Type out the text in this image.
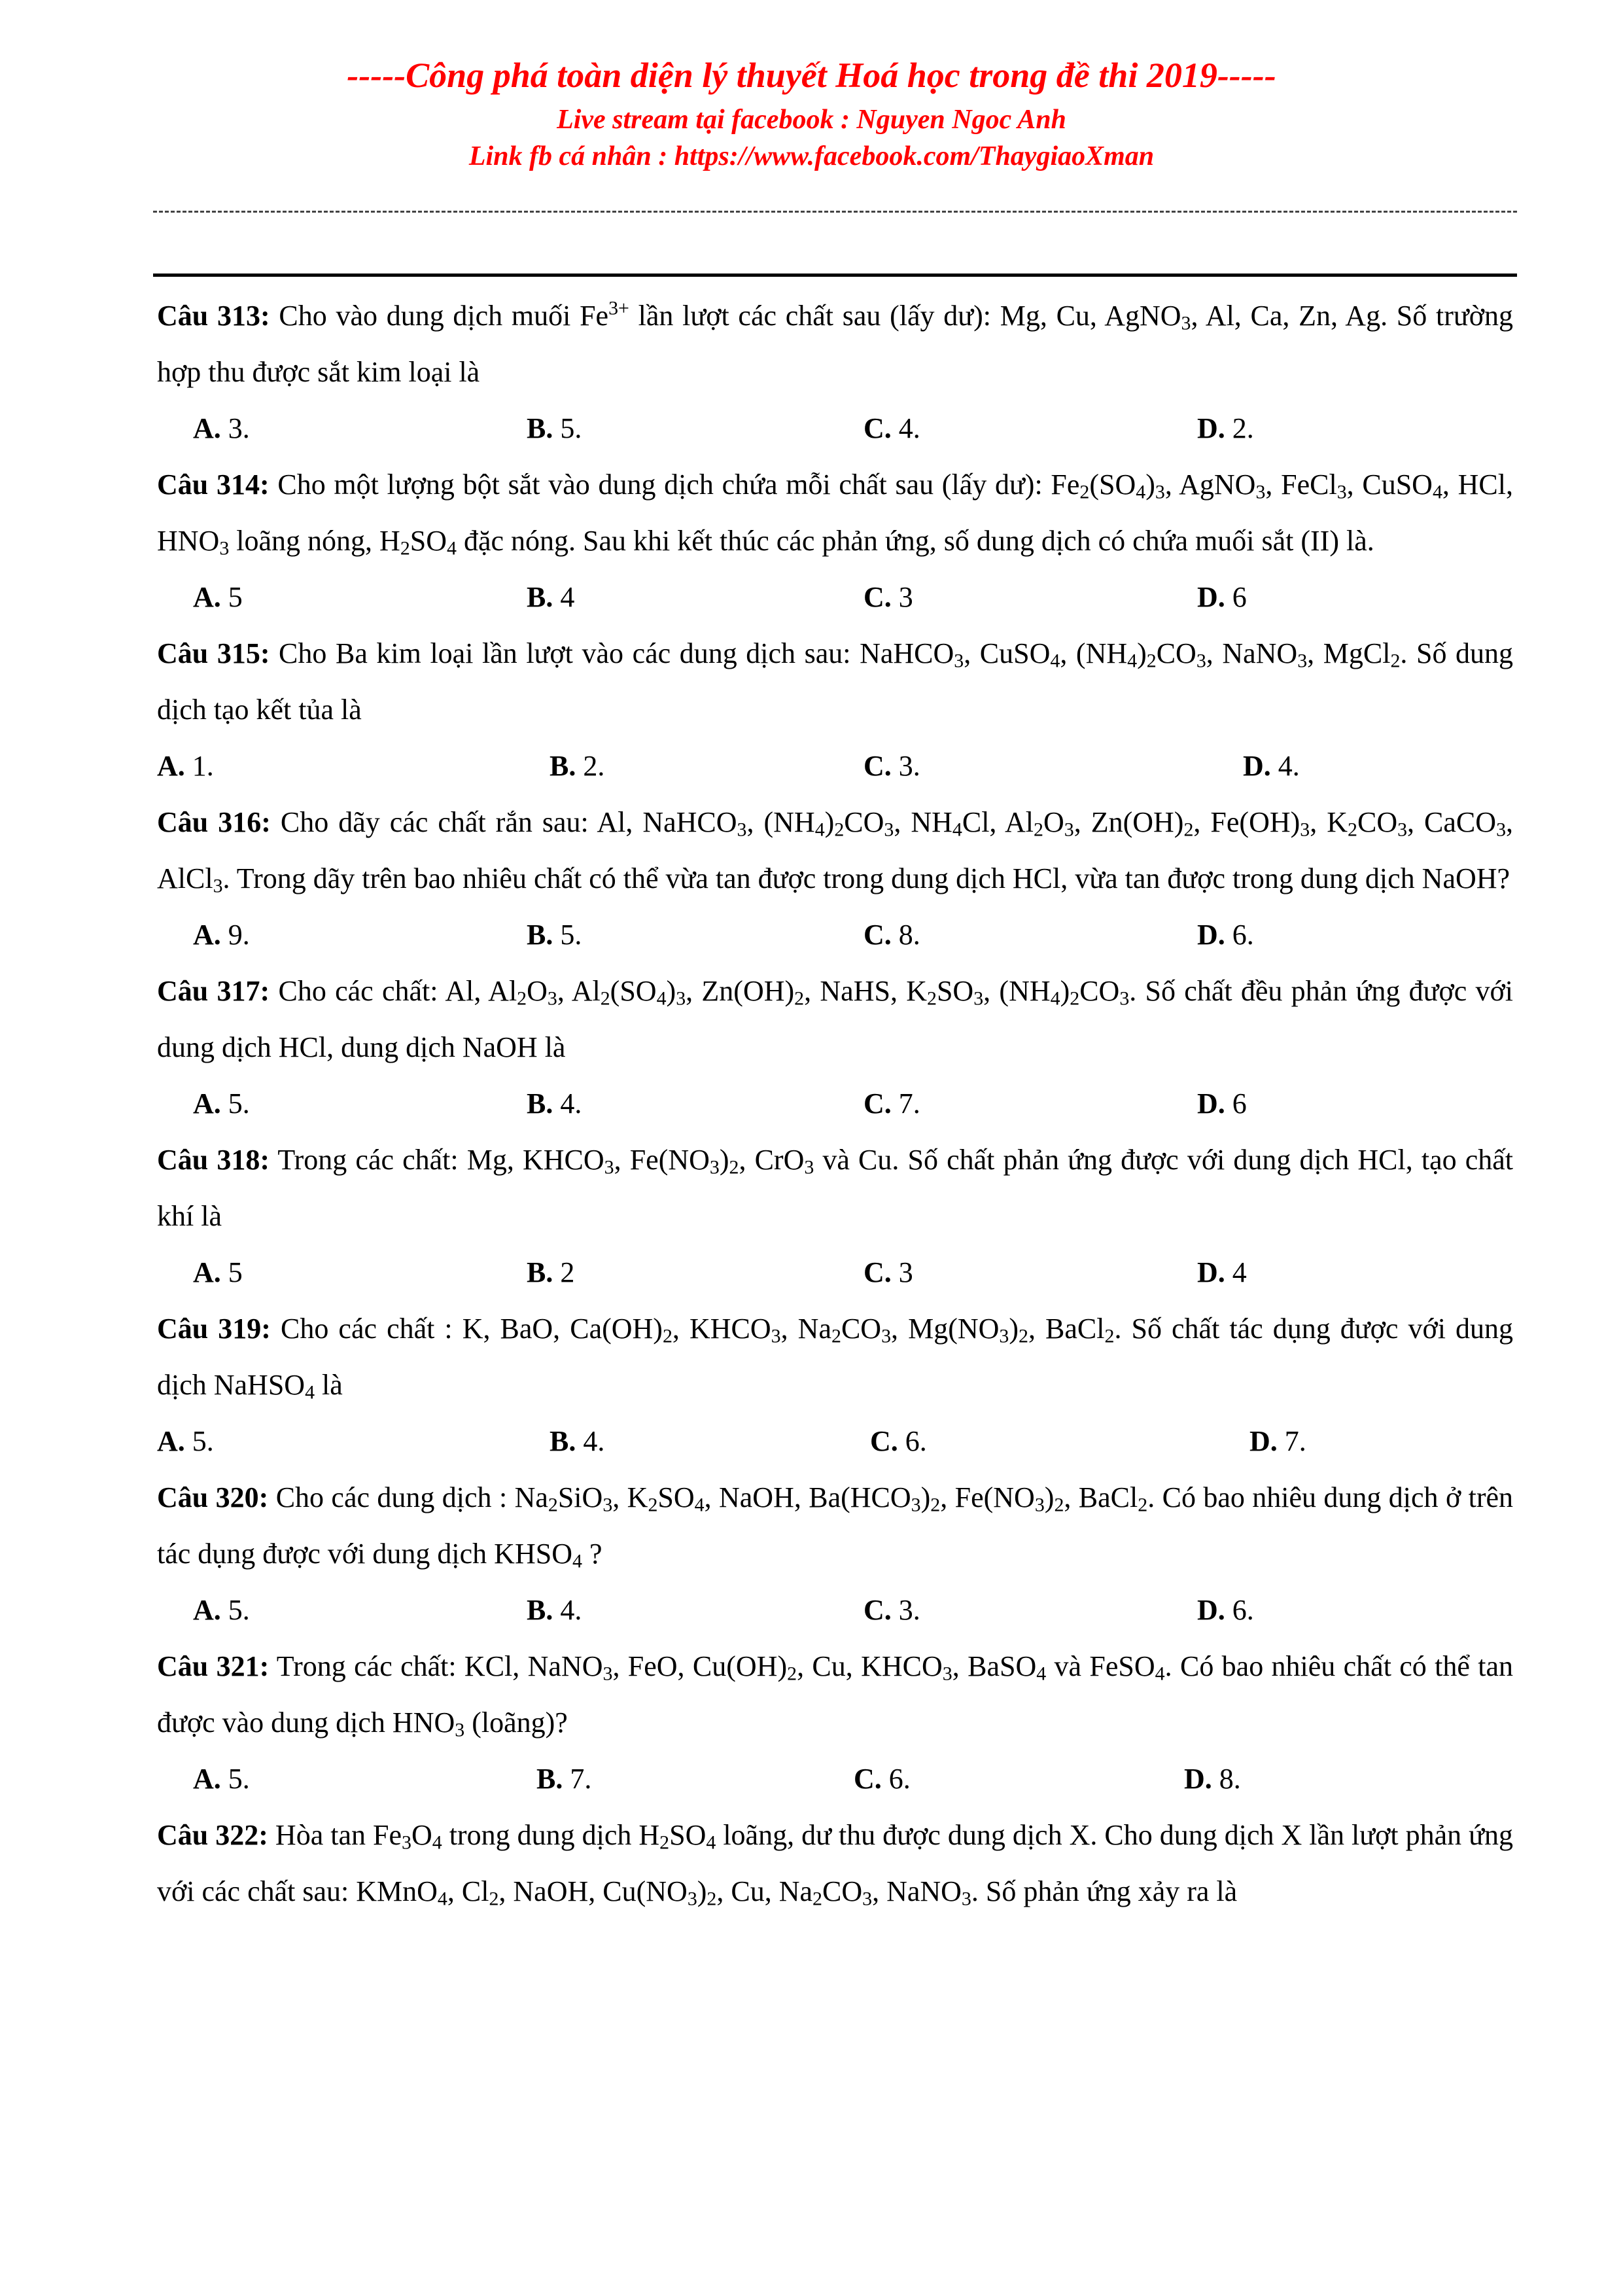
-----Công phá toàn diện lý thuyết Hoá học trong đề thi 2019-----
Live stream tại facebook : Nguyen Ngoc Anh
Link fb cá nhân : https://www.facebook.com/ThaygiaoXman

Câu 313: Cho vào dung dịch muối $Fe^{3+}$ lần lượt các chất sau (lấy dư): Mg, Cu, AgNO$_3$, Al, Ca, Zn, Ag. Số trường hợp thu được sắt kim loại là

A. 3.	B. 5.	C. 4.	D. 2.

Câu 314: Cho một lượng bột sắt vào dung dịch chứa mỗi chất sau (lấy dư): $Fe_2(SO_4)_3$, AgNO$_3$, FeCl$_3$, CuSO$_4$, HCl, $HNO_3$ loãng nóng, $H_2SO_4$ đặc nóng. Sau khi kết thúc các phản ứng, số dung dịch có chứa muối sắt (II) là.

A. 5	B. 4	C. 3	D. 6

Câu 315: Cho Ba kim loại lần lượt vào các dung dịch sau: NaHCO$_3$, CuSO$_4$, $(NH_4)_2CO_3$, NaNO$_3$, MgCl$_2$. Số dung dịch tạo kết tủa là

A. 1.	B. 2.	C. 3.	D. 4.

Câu 316: Cho dãy các chất rắn sau: Al, NaHCO$_3$, $(NH_4)_2CO_3$, $NH_4Cl$, $Al_2O_3$, $Zn(OH)_2$, $Fe(OH)_3$, $K_2CO_3$, CaCO$_3$, AlCl$_3$. Trong dãy trên bao nhiêu chất có thể vừa tan được trong dung dịch HCl, vừa tan được trong dung dịch NaOH?

A. 9.	B. 5.	C. 8.	D. 6.

Câu 317: Cho các chất: Al, $Al_2O_3$, $Al_2(SO_4)_3$, $Zn(OH)_2$, NaHS, $K_2SO_3$, $(NH_4)_2CO_3$. Số chất đều phản ứng được với dung dịch HCl, dung dịch NaOH là

A. 5.	B. 4.	C. 7.	D. 6

Câu 318: Trong các chất: Mg, $KHCO_3$, $Fe(NO_3)_2$, CrO$_3$ và Cu. Số chất phản ứng được với dung dịch HCl, tạo chất khí là

A. 5	B. 2	C. 3	D. 4

Câu 319: Cho các chất : K, BaO, $Ca(OH)_2$, $KHCO_3$, $Na_2CO_3$, $Mg(NO_3)_2$, BaCl$_2$. Số chất tác dụng được với dung dịch NaHSO$_4$ là

A. 5.	B. 4.	C. 6.	D. 7.

Câu 320: Cho các dung dịch : $Na_2SiO_3$, $K_2SO_4$, NaOH, $Ba(HCO_3)_2$, $Fe(NO_3)_2$, BaCl$_2$. Có bao nhiêu dung dịch ở trên tác dụng được với dung dịch $KHSO_4$ ?

A. 5.	B. 4.	C. 3.	D. 6.

Câu 321: Trong các chất: KCl, NaNO$_3$, FeO, $Cu(OH)_2$, Cu, $KHCO_3$, BaSO$_4$ và FeSO$_4$. Có bao nhiêu chất có thể tan được vào dung dịch $HNO_3$ (loãng)?

A. 5.	B. 7.	C. 6.	D. 8.

Câu 322: Hòa $\tan Fe_3O_4$ trong dung dịch $H_2SO_4$ loãng, dư thu được dung dịch X. Cho dung dịch X lần lượt phản ứng với các chất sau: KMnO$_4$, $Cl_2$, NaOH, $Cu(NO_3)_2$, Cu, $Na_2CO_3$, NaNO$_3$. Số phản ứng xảy ra là
